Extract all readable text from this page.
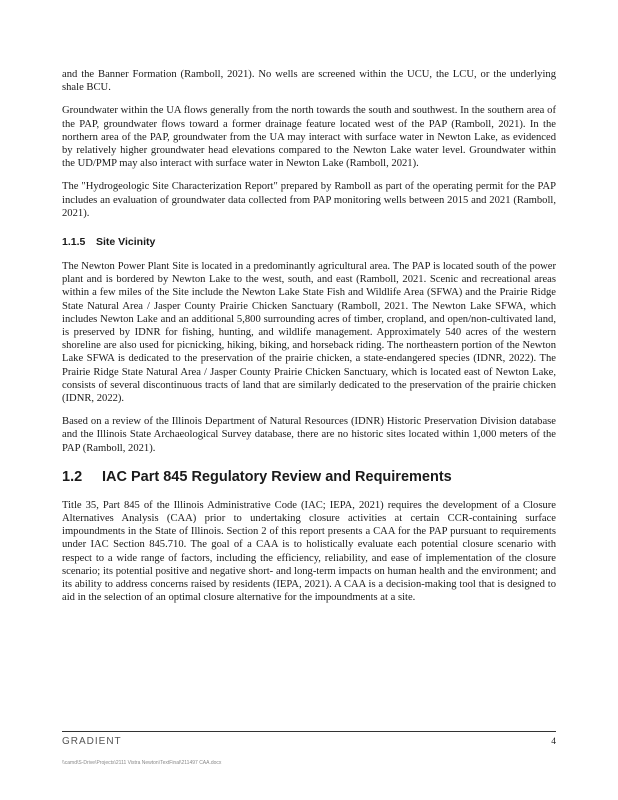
and the Banner Formation (Ramboll, 2021). No wells are screened within the UCU, the LCU, or the underlying shale BCU.

Groundwater within the UA flows generally from the north towards the south and southwest. In the southern area of the PAP, groundwater flows toward a former drainage feature located west of the PAP (Ramboll, 2021). In the northern area of the PAP, groundwater from the UA may interact with surface water in Newton Lake, as evidenced by relatively higher groundwater head elevations compared to the Newton Lake water level. Groundwater within the UD/PMP may also interact with surface water in Newton Lake (Ramboll, 2021).

The "Hydrogeologic Site Characterization Report" prepared by Ramboll as part of the operating permit for the PAP includes an evaluation of groundwater data collected from PAP monitoring wells between 2015 and 2021 (Ramboll, 2021).

1.1.5 Site Vicinity

The Newton Power Plant Site is located in a predominantly agricultural area. The PAP is located south of the power plant and is bordered by Newton Lake to the west, south, and east (Ramboll, 2021. Scenic and recreational areas within a few miles of the Site include the Newton Lake State Fish and Wildlife Area (SFWA) and the Prairie Ridge State Natural Area / Jasper County Prairie Chicken Sanctuary (Ramboll, 2021. The Newton Lake SFWA, which includes Newton Lake and an additional 5,800 surrounding acres of timber, cropland, and open/non-cultivated land, is preserved by IDNR for fishing, hunting, and wildlife management. Approximately 540 acres of the western shoreline are also used for picnicking, hiking, biking, and horseback riding. The northeastern portion of the Newton Lake SFWA is dedicated to the preservation of the prairie chicken, a state-endangered species (IDNR, 2022). The Prairie Ridge State Natural Area / Jasper County Prairie Chicken Sanctuary, which is located east of Newton Lake, consists of several discontinuous tracts of land that are similarly dedicated to the preservation of the prairie chicken (IDNR, 2022).

Based on a review of the Illinois Department of Natural Resources (IDNR) Historic Preservation Division database and the Illinois State Archaeological Survey database, there are no historic sites located within 1,000 meters of the PAP (Ramboll, 2021).

1.2 IAC Part 845 Regulatory Review and Requirements

Title 35, Part 845 of the Illinois Administrative Code (IAC; IEPA, 2021) requires the development of a Closure Alternatives Analysis (CAA) prior to undertaking closure activities at certain CCR-containing surface impoundments in the State of Illinois. Section 2 of this report presents a CAA for the PAP pursuant to requirements under IAC Section 845.710. The goal of a CAA is to holistically evaluate each potential closure scenario with respect to a wide range of factors, including the efficiency, reliability, and ease of implementation of the closure scenario; its potential positive and negative short- and long-term impacts on human health and the environment; and its ability to address concerns raised by residents (IEPA, 2021). A CAA is a decision-making tool that is designed to aid in the selection of an optimal closure alternative for the impoundments at a site.

GRADIENT	4
\\camd\S-Drive\Projects\2111 Vistra Newton\TextFinal\211497 CAA.docx
